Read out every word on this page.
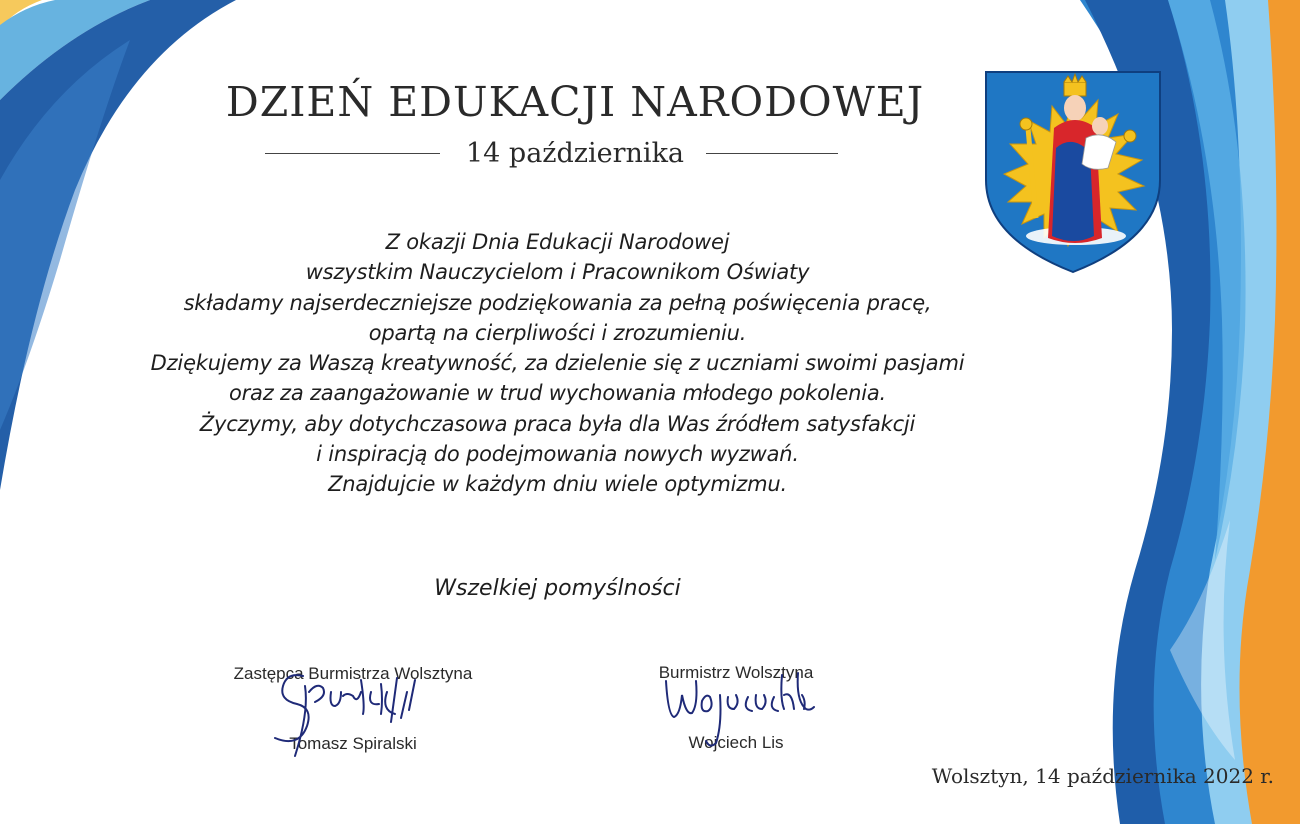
DZIEŃ EDUKACJI NARODOWEJ
14 października
Z okazji Dnia Edukacji Narodowej
wszystkim Nauczycielom i Pracownikom Oświaty
składamy najserdeczniejsze podziękowania za pełną poświęcenia pracę,
opartą na cierpliwości i zrozumieniu.
Dziękujemy za Waszą kreatywność, za dzielenie się z uczniami swoimi pasjami
oraz za zaangażowanie w trud wychowania młodego pokolenia.
Życzymy, aby dotychczasowa praca była dla Was źródłem satysfakcji
i inspiracją do podejmowania nowych wyzwań.
Znajdujcie w każdym dniu wiele optymizmu.
Wszelkiej pomyślności
Zastępca Burmistrza Wolsztyna
Tomasz Spiralski
Burmistrz Wolsztyna
Wojciech Lis
Wolsztyn, 14 października 2022 r.
